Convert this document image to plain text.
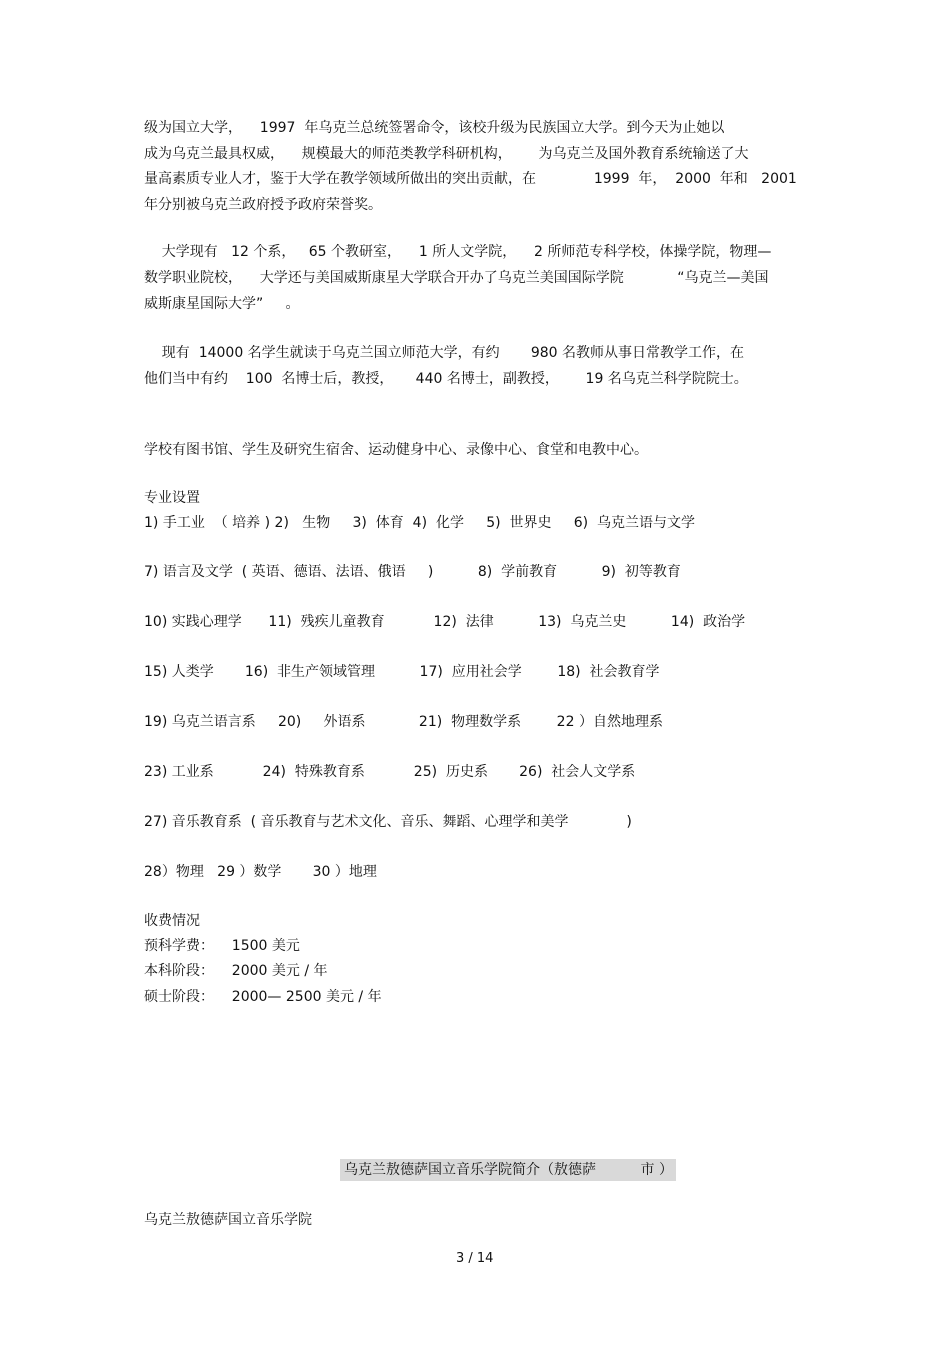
级为国立大学，    1997  年乌克兰总统签署命令，该校升级为民族国立大学。到今天为止她以
成为乌克兰最具权威，    规模最大的师范类教学科研机构，      为乌克兰及国外教育系统输送了大
量高素质专业人才，鉴于大学在教学领域所做出的突出贡献，在             1999  年，  2000  年和   2001
年分别被乌克兰政府授予政府荣誉奖。
大学现有   12 个系，   65 个教研室，    1 所人文学院，    2 所师范专科学校，体操学院，物理—
数学职业院校，    大学还与美国威斯康星大学联合开办了乌克兰美国国际学院            “乌克兰—美国
威斯康星国际大学”     。
现有  14000 名学生就读于乌克兰国立师范大学，有约       980 名教师从事日常教学工作，在
他们当中有约    100  名博士后，教授，     440 名博士，副教授，      19 名乌克兰科学院院士。
学校有图书馆、学生及研究生宿舍、运动健身中心、录像中心、食堂和电教中心。
专业设置
1) 手工业  （ 培养 ) 2)   生物     3)  体育  4)  化学     5)  世界史     6)  乌克兰语与文学
7) 语言及文学  ( 英语、德语、法语、俄语     )          8)  学前教育          9)  初等教育
10) 实践心理学      11)  残疾儿童教育           12)  法律          13)  乌克兰史          14)  政治学
15) 人类学       16)  非生产领域管理          17)  应用社会学        18)  社会教育学
19) 乌克兰语言系     20)     外语系            21)  物理数学系        22 ）自然地理系
23) 工业系           24)  特殊教育系           25)  历史系       26)  社会人文学系
27) 音乐教育系  ( 音乐教育与艺术文化、音乐、舞蹈、心理学和美学             )
28）物理   29 ）数学       30 ）地理
收费情况
预科学费：    1500 美元
本科阶段：    2000 美元 / 年
硕士阶段：    2000— 2500 美元 / 年
乌克兰敖德萨国立音乐学院简介（敖德萨          市 ）
乌克兰敖德萨国立音乐学院
3 / 14
